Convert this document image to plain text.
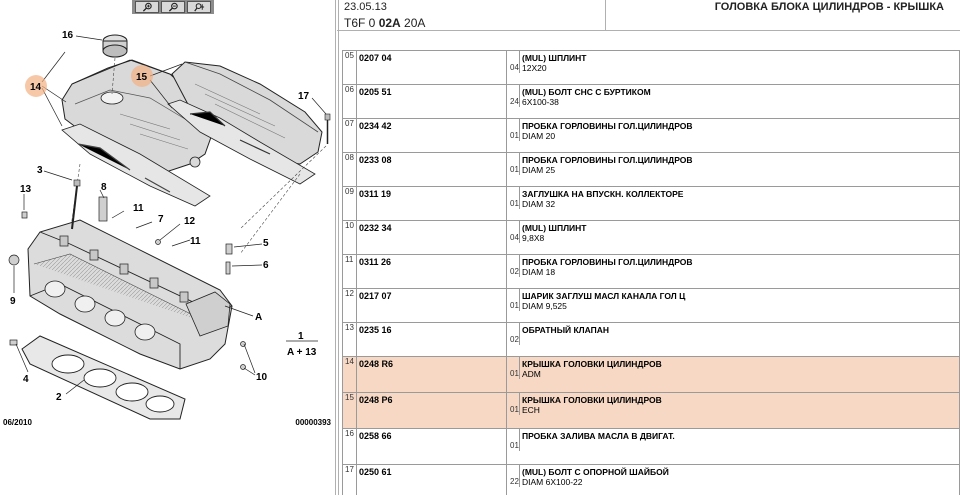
16
14
15
17
3
8
13
11
7 12
11	5
6
9
A
1
A + 13
4	10
2
06/2010	00000393
23.05.13
T6F 0 02A 20A
ГОЛОВКА БЛОКА ЦИЛИНДРОВ - КРЫШКА
05	0207 04	04
(MUL) ШПЛИНТ
12X20

06	0205 51	24
(MUL) БОЛТ СНС С БУРТИКОМ
6X100-38

07	0234 42	01
ПРОБКА ГОРЛОВИНЫ ГОЛ.ЦИЛИНДРОВ
DIAM 20

08	0233 08	01
ПРОБКА ГОРЛОВИНЫ ГОЛ.ЦИЛИНДРОВ
DIAM 25

09	0311 19	01
ЗАГЛУШКА НА ВПУСКН. КОЛЛЕКТОРЕ
DIAM 32

10	0232 34	04
(MUL) ШПЛИНТ
9,8X8

11	0311 26	02
ПРОБКА ГОРЛОВИНЫ ГОЛ.ЦИЛИНДРОВ
DIAM 18

12	0217 07	01
ШАРИК ЗАГЛУШ МАСЛ КАНАЛА ГОЛ Ц
DIAM 9,525

13	0235 16	02
ОБРАТНЫЙ КЛАПАН

14	0248 R6	01
КРЫШКА ГОЛОВКИ ЦИЛИНДРОВ
ADM

15	0248 P6	01
КРЫШКА ГОЛОВКИ ЦИЛИНДРОВ
ECH

16	0258 66	01
ПРОБКА ЗАЛИВА МАСЛА В ДВИГАТ.

17	0250 61	22
(MUL) БОЛТ С ОПОРНОЙ ШАЙБОЙ
DIAM 6X100-22
